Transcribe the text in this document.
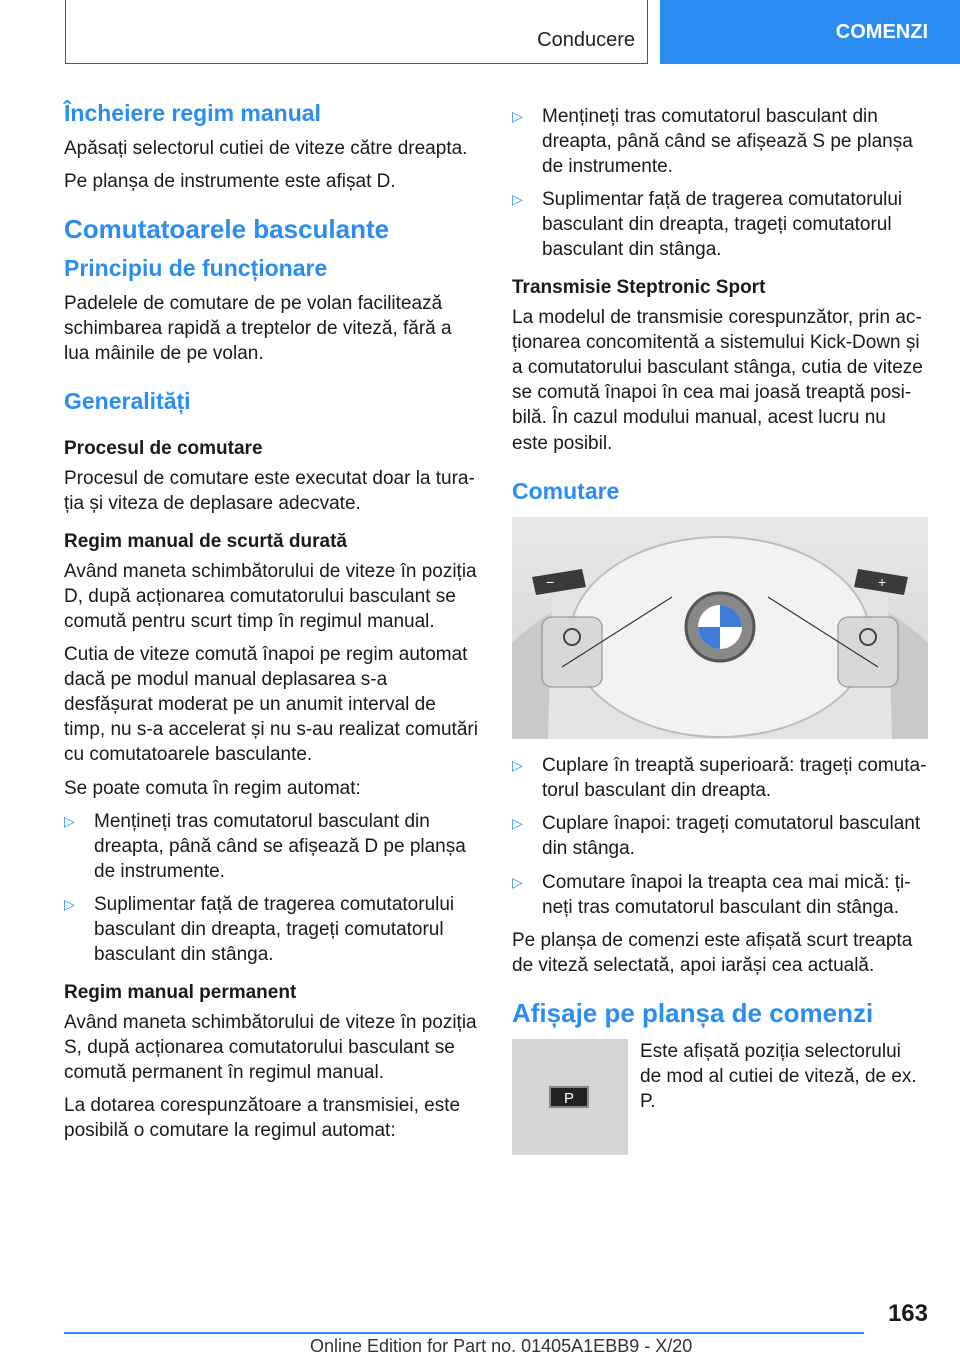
Conducere	COMENZI
Încheiere regim manual

Apăsați selectorul cutiei de viteze către dreapta.

Pe planșa de instrumente este afișat D.

Comutatoarele basculante
Principiu de funcționare

Padelele de comutare de pe volan facilitează schimbarea rapidă a treptelor de viteză, fără a lua mâinile de pe volan.

Generalități
Procesul de comutare

Procesul de comutare este executat doar la turația și viteza de deplasare adecvate.

Regim manual de scurtă durată

Având maneta schimbătorului de viteze în poziția D, după acționarea comutatorului basculant se comută pentru scurt timp în regimul manual.

Cutia de viteze comută înapoi pe regim automat dacă pe modul manual deplasarea s-a desfășurat moderat pe un anumit interval de timp, nu s-a accelerat și nu s-au realizat comutări cu comutatoarele basculante.

Se poate comuta în regim automat:

▷ Mențineți tras comutatorul basculant din dreapta, până când se afișează D pe planșa de instrumente.
▷ Suplimentar față de tragerea comutatorului basculant din dreapta, trageți comutatorul basculant din stânga.
Regim manual permanent

Având maneta schimbătorului de viteze în poziția S, după acționarea comutatorului basculant se comută permanent în regimul manual.

La dotarea corespunzătoare a transmisiei, este posibilă o comutare la regimul automat:

▷ Mențineți tras comutatorul basculant din dreapta, până când se afișează S pe planșa de instrumente.
▷ Suplimentar față de tragerea comutatorului basculant din dreapta, trageți comutatorul basculant din stânga.
Transmisie Steptronic Sport

La modelul de transmisie corespunzător, prin acționarea concomitentă a sistemului Kick-Down și a comutatorului basculant stânga, cutia de viteze se comută înapoi în cea mai joasă treaptă posibilă. În cazul modului manual, acest lucru nu este posibil.

Comutare
−	+
▷ Cuplare în treaptă superioară: trageți comutatorul basculant din dreapta.
▷ Cuplare înapoi: trageți comutatorul basculant din stânga.
▷ Comutare înapoi la treapta cea mai mică: țineți tras comutatorul basculant din stânga.

Pe planșa de comenzi este afișată scurt treapta de viteză selectată, apoi iarăși cea actuală.

Afișaje pe planșa de comenzi
P
Este afișată poziția selectorului de mod al cutiei de viteză, de ex. P.
163
Online Edition for Part no. 01405A1EBB9 - X/20
